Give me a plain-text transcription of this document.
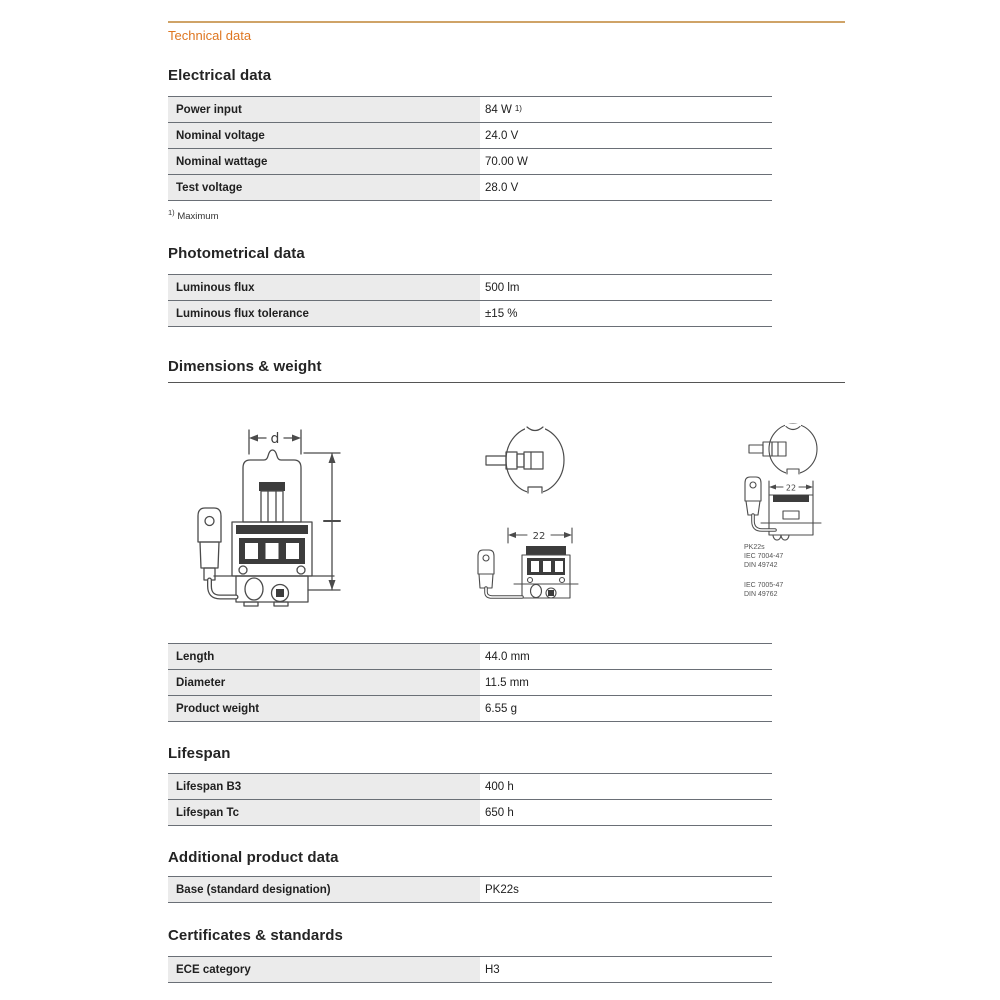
Technical data
Electrical data
Power input	84 W 1)
Nominal voltage	24.0 V
Nominal wattage	70.00 W
Test voltage	28.0 V
$^{1)}$ Maximum
Photometrical data
Luminous flux	500 lm
Luminous flux tolerance	±15 %
Dimensions & weight
d
22
22
PK22s
IEC 7004-47
DIN 49742
IEC 7005-47
DIN 49762
Length	44.0 mm
Diameter	11.5 mm
Product weight	6.55 g
Lifespan
Lifespan B3	400 h
Lifespan Tc	650 h
Additional product data
Base (standard designation)	PK22s
Certificates & standards
ECE category	H3
